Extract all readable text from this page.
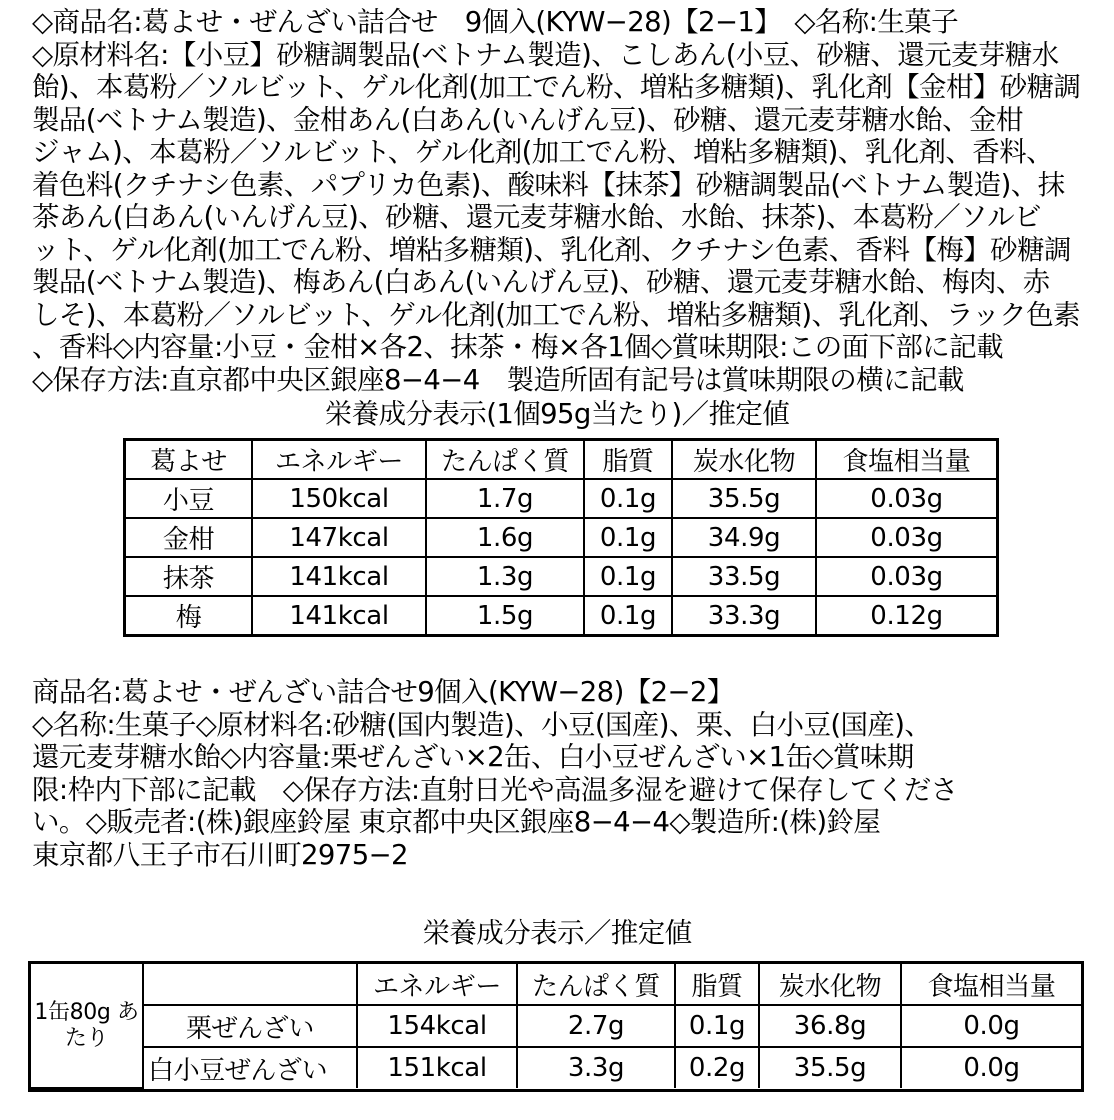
◇商品名:葛よせ・ぜんざい詰合せ　9個入(KYW−28)【2−1】　◇名称:生菓子
◇原材料名:【小豆】砂糖調製品(ベトナム製造)、こしあん(小豆、砂糖、還元麦芽糖水
飴)、本葛粉／ソルビット、ゲル化剤(加工でん粉、増粘多糖類)、乳化剤【金柑】砂糖調
製品(ベトナム製造)、金柑あん(白あん(いんげん豆)、砂糖、還元麦芽糖水飴、金柑
ジャム)、本葛粉／ソルビット、ゲル化剤(加工でん粉、増粘多糖類)、乳化剤、香料、
着色料(クチナシ色素、パプリカ色素)、酸味料【抹茶】砂糖調製品(ベトナム製造)、抹
茶あん(白あん(いんげん豆)、砂糖、還元麦芽糖水飴、水飴、抹茶)、本葛粉／ソルビ
ット、ゲル化剤(加工でん粉、増粘多糖類)、乳化剤、クチナシ色素、香料【梅】砂糖調
製品(ベトナム製造)、梅あん(白あん(いんげん豆)、砂糖、還元麦芽糖水飴、梅肉、赤
しそ)、本葛粉／ソルビット、ゲル化剤(加工でん粉、増粘多糖類)、乳化剤、ラック色素
、香料◇内容量:小豆・金柑×各2、抹茶・梅×各1個◇賞味期限:この面下部に記載
◇保存方法:直京都中央区銀座8−4−4　製造所固有記号は賞味期限の横に記載
栄養成分表示(1個95g当たり)／推定値
葛よせ	エネルギー	たんぱく質	脂質	炭水化物	食塩相当量
小豆	150kcal	1.7g	0.1g	35.5g	0.03g
金柑	147kcal	1.6g	0.1g	34.9g	0.03g
抹茶	141kcal	1.3g	0.1g	33.5g	0.03g
梅	141kcal	1.5g	0.1g	33.3g	0.12g
商品名:葛よせ・ぜんざい詰合せ9個入(KYW−28)【2−2】
◇名称:生菓子◇原材料名:砂糖(国内製造)、小豆(国産)、栗、白小豆(国産)、
還元麦芽糖水飴◇内容量:栗ぜんざい×2缶、白小豆ぜんざい×1缶◇賞味期
限:枠内下部に記載　◇保存方法:直射日光や高温多湿を避けて保存してくださ
い。◇販売者:(株)銀座鈴屋 東京都中央区銀座8−4−4◇製造所:(株)鈴屋
東京都八王子市石川町2975−2
栄養成分表示／推定値
1缶80g あたり		エネルギー	たんぱく質	脂質	炭水化物	食塩相当量
	栗ぜんざい	154kcal	2.7g	0.1g	36.8g	0.0g
	白小豆ぜんざい	151kcal	3.3g	0.2g	35.5g	0.0g
